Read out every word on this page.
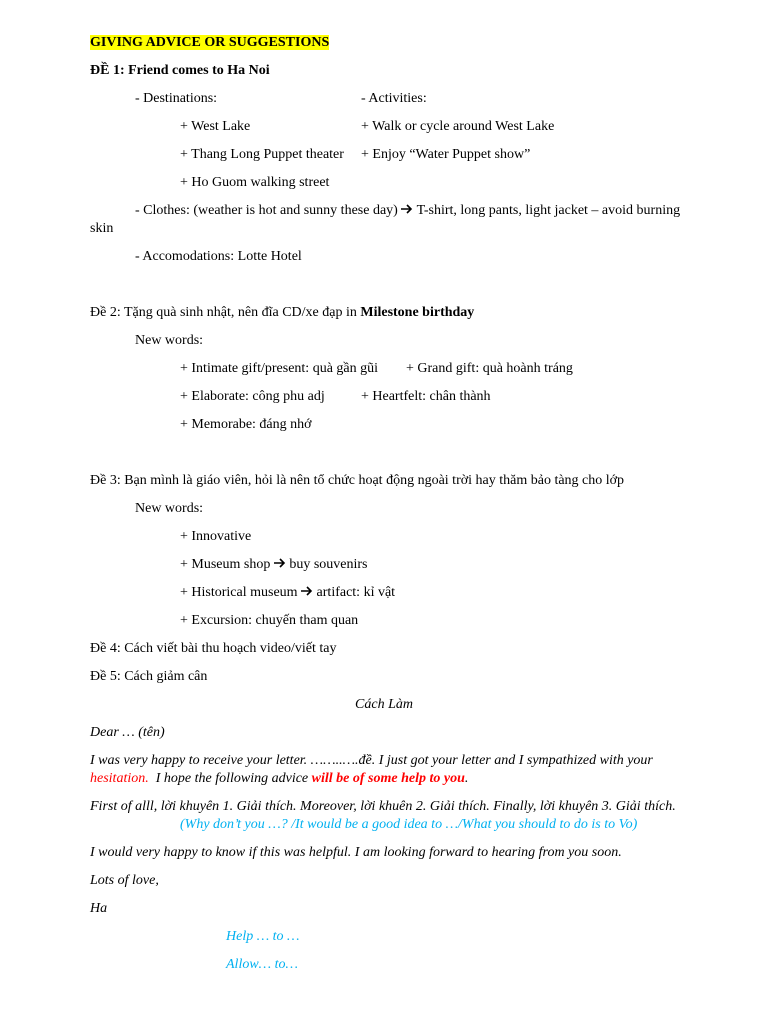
GIVING ADVICE OR SUGGESTIONS
ĐỀ 1: Friend comes to Ha Noi
- Destinations:	- Activities:
+ West Lake	+ Walk or cycle around West Lake
+ Thang Long Puppet theater + Enjoy “Water Puppet show”
+ Ho Guom walking street
- Clothes: (weather is hot and sunny these day) T-shirt, long pants, light jacket – avoid burning
skin
- Accomodations: Lotte Hotel
Đề 2: Tặng quà sinh nhật, nên đĩa CD/xe đạp in Milestone birthday
New words:
+ Intimate gift/present: quà gần gũi + Grand gift: quà hoành tráng
+ Elaborate: công phu adj	+ Heartfelt: chân thành
+ Memorabe: đáng nhớ
Đề 3: Bạn mình là giáo viên, hỏi là nên tổ chức hoạt động ngoài trời hay thăm bảo tàng cho lớp
New words:
+ Innovative
+ Museum shop buy souvenirs
+ Historical museum artifact: kỉ vật
+ Excursion: chuyến tham quan
Đề 4: Cách viết bài thu hoạch video/viết tay
Đề 5: Cách giảm cân
Cách Làm
Dear … (tên)
I was very happy to receive your letter. ……..….đề. I just got your letter and I sympathized with your
hesitation.  I hope the following advice will be of some help to you.
First of alll, lời khuyên 1. Giải thích. Moreover, lời khuên 2. Giải thích. Finally, lời khuyên 3. Giải thích.
(Why don’t you …? /It would be a good idea to …/What you should to do is to Vo)
I would very happy to know if this was helpful. I am looking forward to hearing from you soon.
Lots of love,
Ha
Help … to …
Allow… to…
